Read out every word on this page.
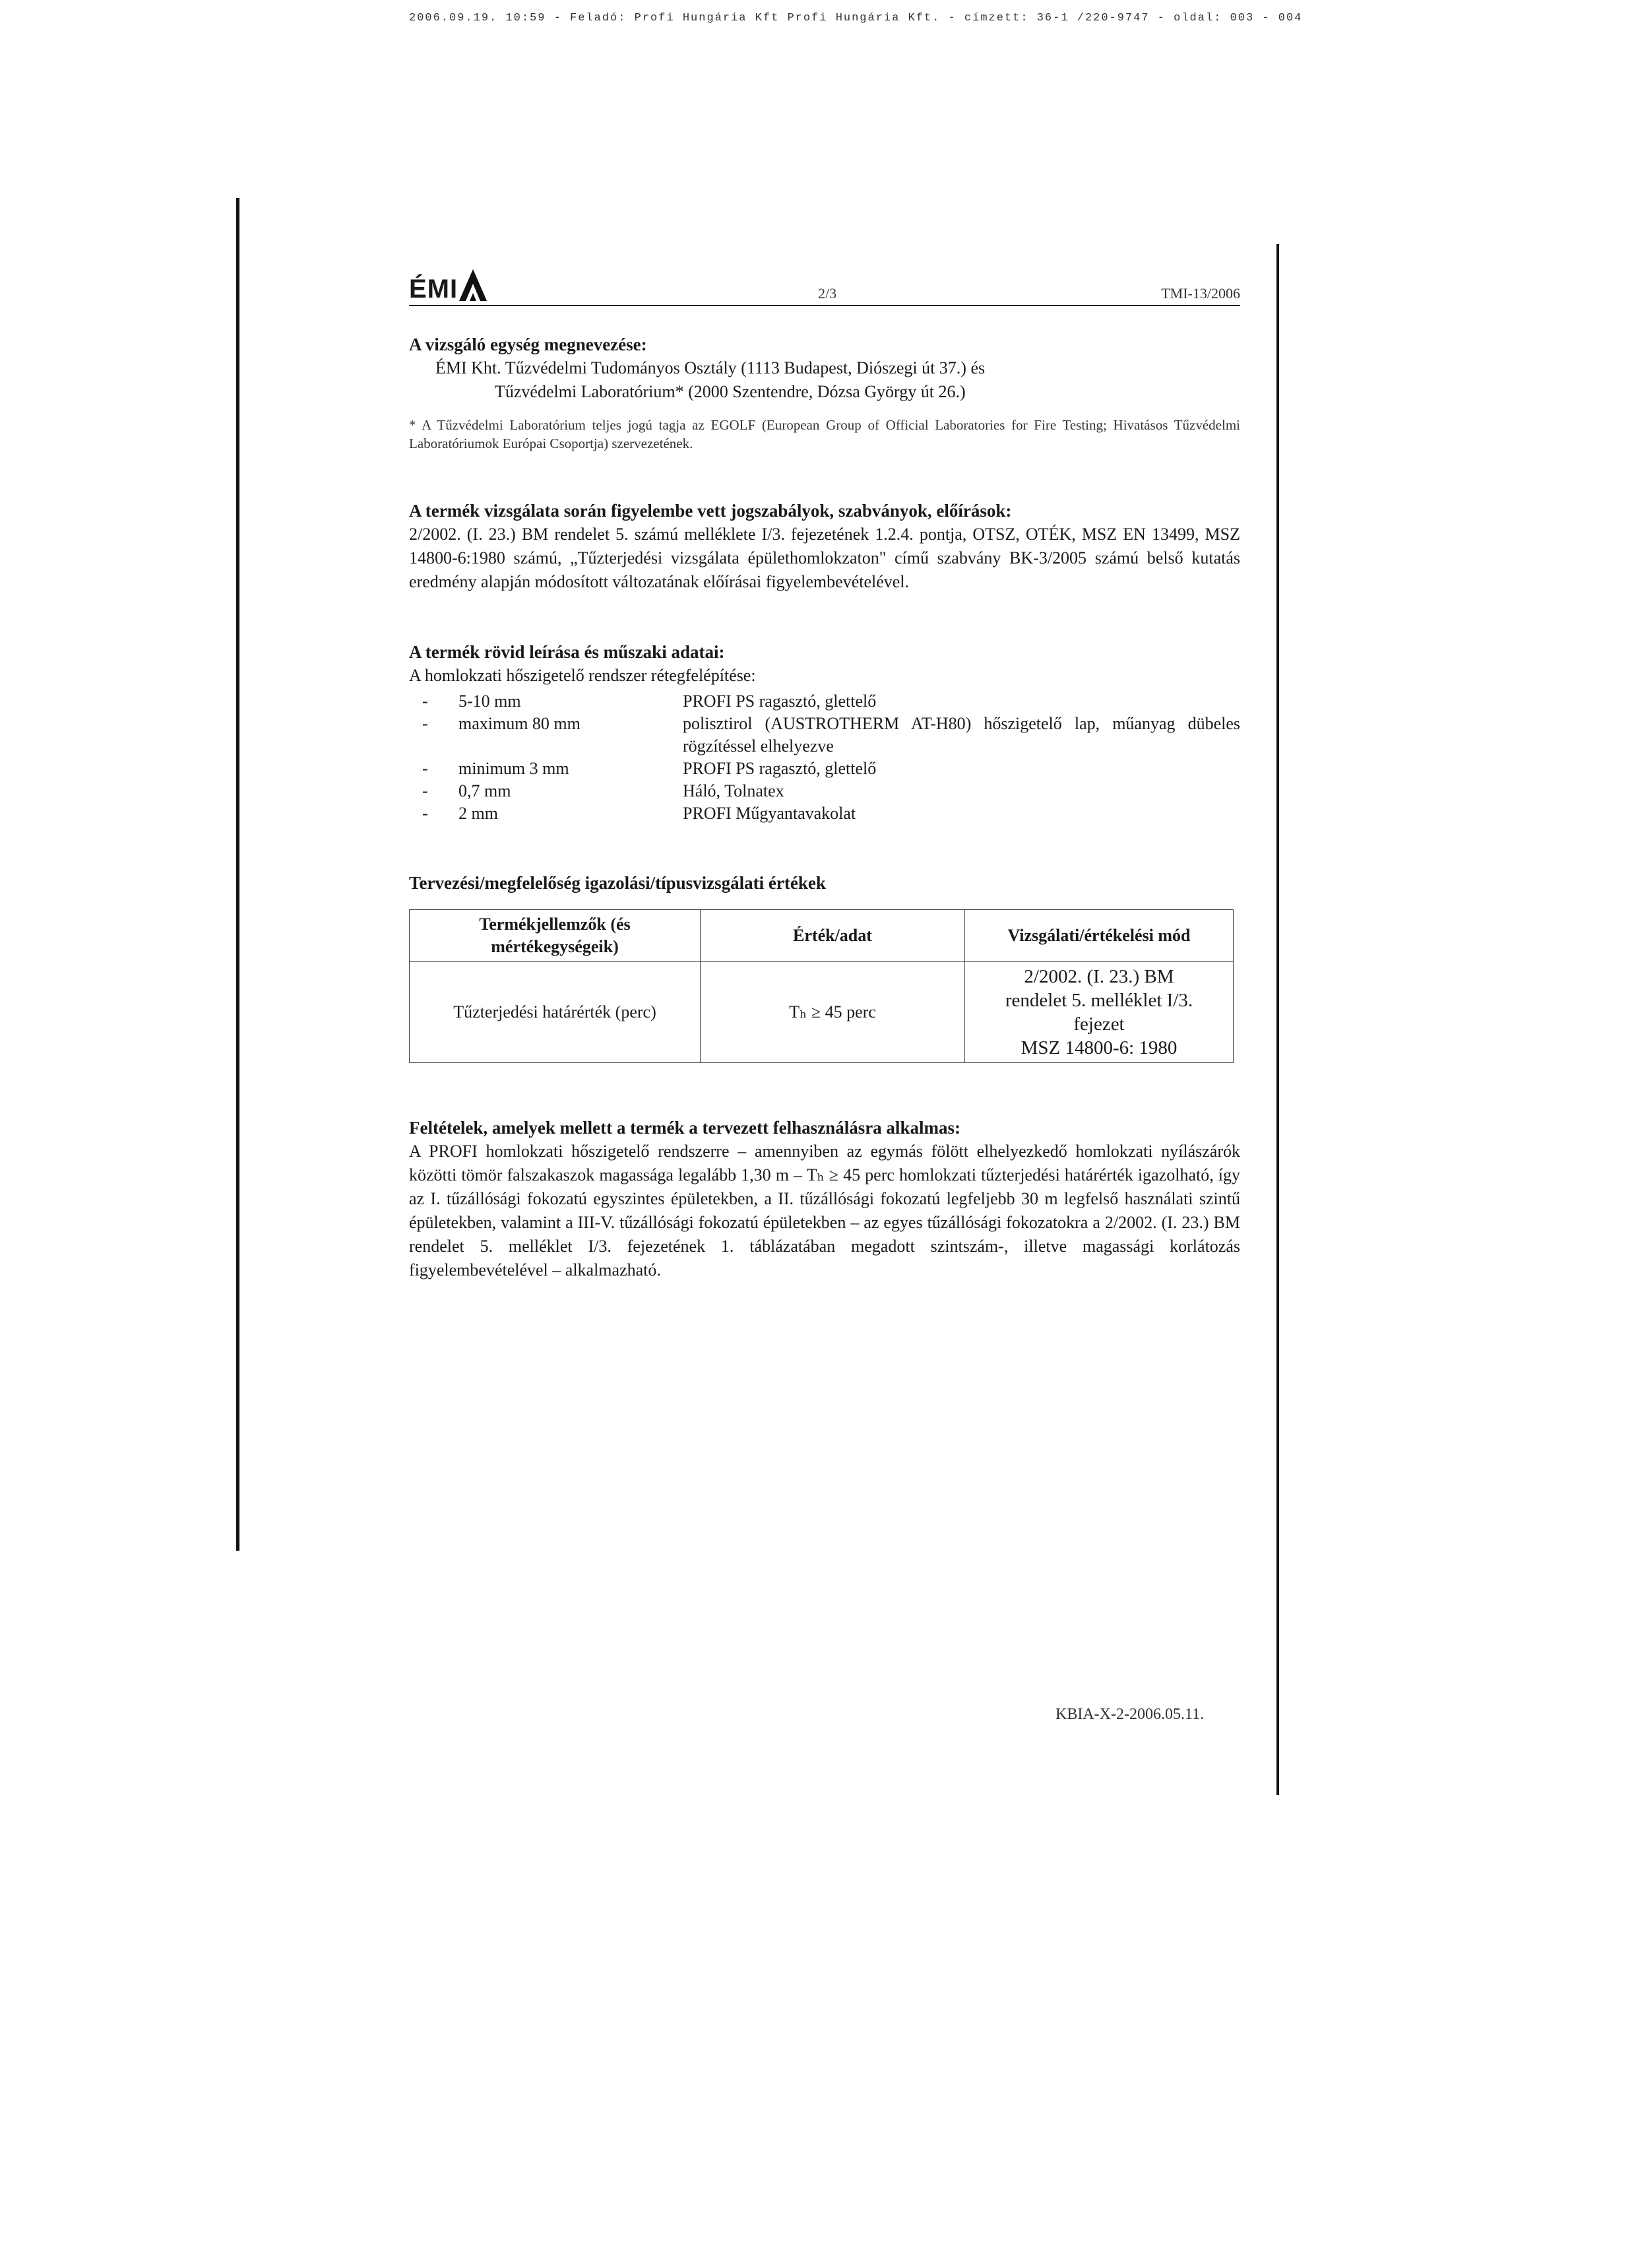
2006.09.19. 10:59 - Feladó: Profi Hungária Kft Profi Hungária Kft. - címzett: 36-1 /220-9747 - oldal: 003 - 004
ÉMI	2/3	TMI-13/2006
A vizsgáló egység megnevezése:
ÉMI Kht. Tűzvédelmi Tudományos Osztály (1113 Budapest, Diószegi út 37.) és
Tűzvédelmi Laboratórium* (2000 Szentendre, Dózsa György út 26.)
* A Tűzvédelmi Laboratórium teljes jogú tagja az EGOLF (European Group of Official Laboratories for Fire Testing; Hivatásos Tűzvédelmi Laboratóriumok Európai Csoportja) szervezetének.
A termék vizsgálata során figyelembe vett jogszabályok, szabványok, előírások:
2/2002. (I. 23.) BM rendelet 5. számú melléklete I/3. fejezetének 1.2.4. pontja, OTSZ, OTÉK, MSZ EN 13499, MSZ 14800-6:1980 számú, „Tűzterjedési vizsgálata épülethomlokzaton" című szabvány BK-3/2005 számú belső kutatás eredmény alapján módosított változatának előírásai figyelembevételével.
A termék rövid leírása és műszaki adatai:
A homlokzati hőszigetelő rendszer rétegfelépítése:
-	5-10 mm	PROFI PS ragasztó, glettelő
-	maximum 80 mm	polisztirol (AUSTROTHERM AT-H80) hőszigetelő lap, műanyag dübeles rögzítéssel elhelyezve
-	minimum 3 mm	PROFI PS ragasztó, glettelő
-	0,7 mm	Háló, Tolnatex
-	2 mm	PROFI Műgyantavakolat
Tervezési/megfelelőség igazolási/típusvizsgálati értékek
Termékjellemzők (és mértékegységeik)	Érték/adat	Vizsgálati/értékelési mód
Tűzterjedési határérték (perc)	Tₕ ≥ 45 perc	2/2002. (I. 23.) BM
rendelet 5. melléklet I/3.
fejezet
MSZ 14800-6: 1980
Feltételek, amelyek mellett a termék a tervezett felhasználásra alkalmas:
A PROFI homlokzati hőszigetelő rendszerre – amennyiben az egymás fölött elhelyezkedő homlokzati nyílászárók közötti tömör falszakaszok magassága legalább 1,30 m – Tₕ ≥ 45 perc homlokzati tűzterjedési határérték igazolható, így az I. tűzállósági fokozatú egyszintes épületekben, a II. tűzállósági fokozatú legfeljebb 30 m legfelső használati szintű épületekben, valamint a III-V. tűzállósági fokozatú épületekben – az egyes tűzállósági fokozatokra a 2/2002. (I. 23.) BM rendelet 5. melléklet I/3. fejezetének 1. táblázatában megadott szintszám-, illetve magassági korlátozás figyelembevételével – alkalmazható.
KBIA-X-2-2006.05.11.
